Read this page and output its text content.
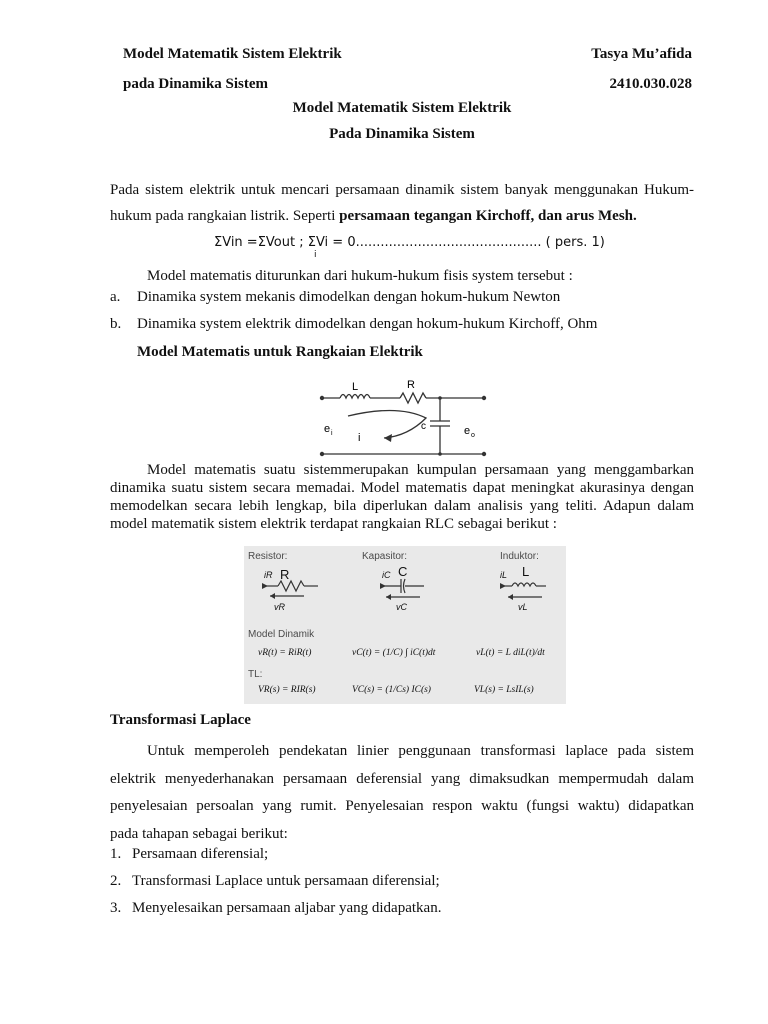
Model Matematik Sistem Elektrik
pada Dinamika Sistem
Tasya Mu’afida
2410.030.028
Model Matematik Sistem Elektrik
Pada Dinamika Sistem
Pada sistem elektrik untuk mencari persamaan dinamik sistem banyak menggunakan Hukum-
hukum pada rangkaian listrik. Seperti persamaan tegangan Kirchoff, dan arus Mesh.
ΣVin =ΣVout ; ΣVi = 0............................................. ( pers. 1)
i
Model matematis diturunkan dari hukum-hukum fisis system tersebut :
a. Dinamika system mekanis dimodelkan dengan hokum-hukum Newton
b. Dinamika system elektrik dimodelkan dengan hokum-hukum Kirchoff, Ohm
Model Matematis untuk Rangkaian Elektrik
L	R
c
e i	e o
i
Model matematis suatu sistemmerupakan kumpulan persamaan yang menggambarkan
dinamika suatu sistem secara memadai. Model matematis dapat meningkat akurasinya dengan
memodelkan secara lebih lengkap, bila diperlukan dalam analisis yang teliti. Adapun dalam
model matematik sistem elektrik terdapat rangkaian RLC sebagai berikut :
Resistor:	Kapasitor:	Induktor:
Model Dinamik
TL:
iR R
vR
iC C
vC
L
iL
vL
vR(t) = RiR(t)	vC(t) = (1/C) ∫ iC(t)dt	vL(t) = L diL(t)/dt
VR(s) = RIR(s)	VC(s) = (1/Cs) IC(s)	VL(s) = LsIL(s)
Transformasi Laplace
Untuk memperoleh pendekatan linier penggunaan transformasi laplace pada sistem
elektrik menyederhanakan persamaan deferensial yang dimaksudkan mempermudah dalam
penyelesaian persoalan yang rumit. Penyelesaian respon waktu (fungsi waktu) didapatkan
pada tahapan sebagai berikut:
1. Persamaan diferensial;
2. Transformasi Laplace untuk persamaan diferensial;
3. Menyelesaikan persamaan aljabar yang didapatkan.
